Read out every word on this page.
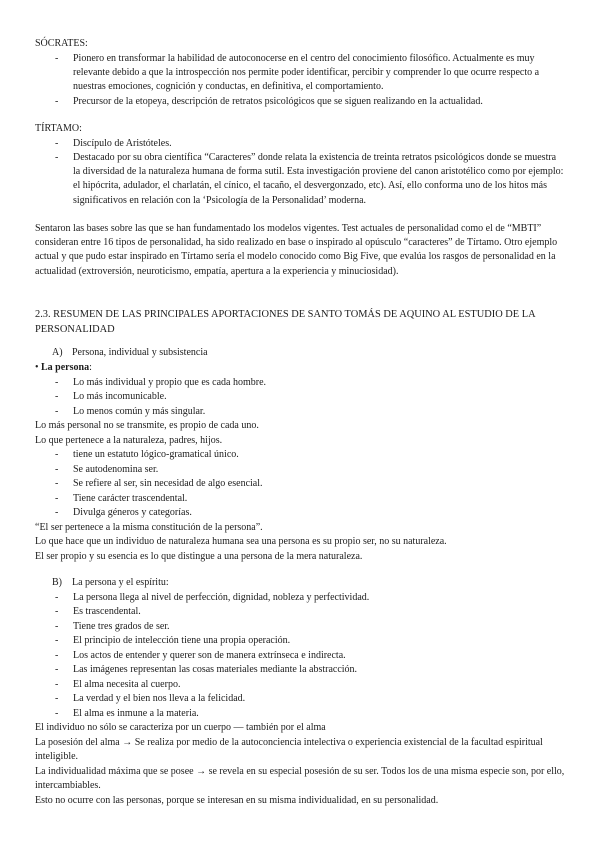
SÓCRATES:

- Pionero en transformar la habilidad de autoconocerse en el centro del conocimiento filosófico. Actualmente es muy relevante debido a que la introspección nos permite poder identificar, percibir y comprender lo que ocurre respecto a nuestras emociones, cognición y conductas, en definitiva, el comportamiento.
- Precursor de la etopeya, descripción de retratos psicológicos que se siguen realizando en la actualidad.

TÍRTAMO:

- Discípulo de Aristóteles.
- Destacado por su obra científica “Caracteres” donde relata la existencia de treinta retratos psicológicos donde se muestra la diversidad de la naturaleza humana de forma sutil. Esta investigación proviene del canon aristotélico como por ejemplo: el hipócrita, adulador, el charlatán, el cínico, el tacaño, el desvergonzado, etc). Así, ello conforma uno de los hitos más significativos en relación con la ‘Psicología de la Personalidad’ moderna.

Sentaron las bases sobre las que se han fundamentado los modelos vigentes. Test actuales de personalidad como el de “MBTI” consideran entre 16 tipos de personalidad, ha sido realizado en base o inspirado al opúsculo “caracteres” de Tírtamo. Otro ejemplo actual y que pudo estar inspirado en Tírtamo sería el modelo conocido como Big Five, que evalúa los rasgos de personalidad en la actualidad (extroversión, neuroticismo, empatía, apertura a la experiencia y minuciosidad).

2.3. RESUMEN DE LAS PRINCIPALES APORTACIONES DE SANTO TOMÁS DE AQUINO AL ESTUDIO DE LA PERSONALIDAD

A) Persona, individual y subsistencia

• La persona:

- Lo más individual y propio que es cada hombre.
- Lo más incomunicable.
- Lo menos común y más singular.

Lo más personal no se transmite, es propio de cada uno.

Lo que pertenece a la naturaleza, padres, hijos.

- tiene un estatuto lógico-gramatical único.
- Se autodenomina ser.
- Se refiere al ser, sin necesidad de algo esencial.
- Tiene carácter trascendental.
- Divulga géneros y categorías.

“El ser pertenece a la misma constitución de la persona”.

Lo que hace que un individuo de naturaleza humana sea una persona es su propio ser, no su naturaleza.

El ser propio y su esencia es lo que distingue a una persona de la mera naturaleza.

B) La persona y el espíritu:

- La persona llega al nivel de perfección, dignidad, nobleza y perfectividad.
- Es trascendental.
- Tiene tres grados de ser.
- El principio de intelección tiene una propia operación.
- Los actos de entender y querer son de manera extrínseca e indirecta.
- Las imágenes representan las cosas materiales mediante la abstracción.
- El alma necesita al cuerpo.
- La verdad y el bien nos lleva a la felicidad.
- El alma es inmune a la materia.

El individuo no sólo se caracteriza por un cuerpo — también por el alma

La posesión del alma → Se realiza por medio de la autoconciencia intelectiva o experiencia existencial de la facultad espiritual inteligible.

La individualidad máxima que se posee → se revela en su especial posesión de su ser. Todos los de una misma especie son, por ello, intercambiables.

Esto no ocurre con las personas, porque se interesan en su misma individualidad, en su personalidad.
